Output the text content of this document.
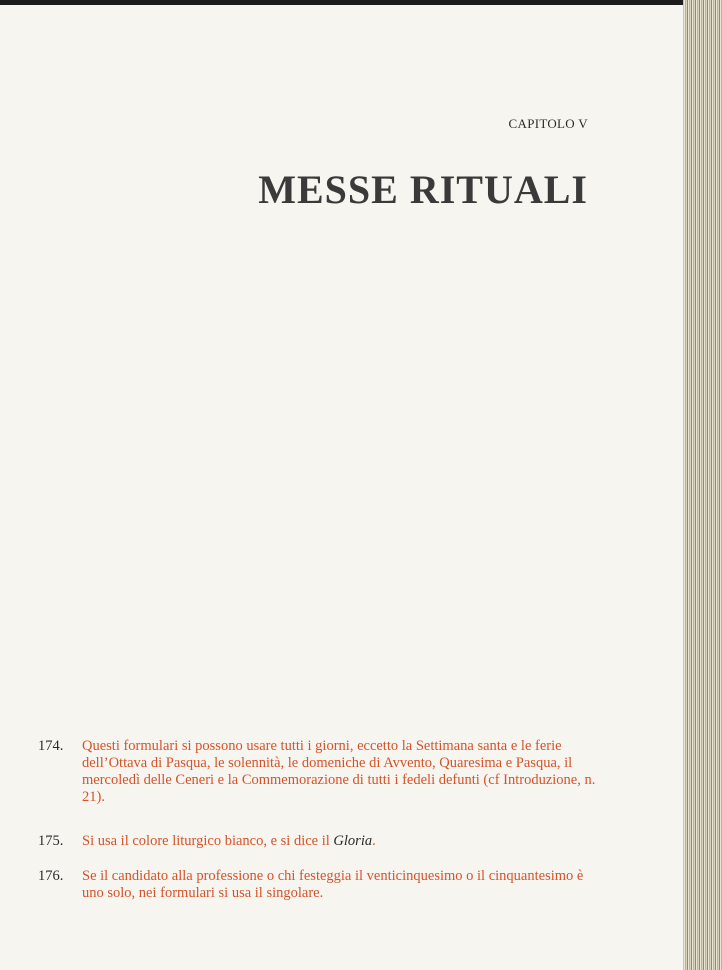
CAPITOLO V

MESSE RITUALI
174.	Questi formulari si possono usare tutti i giorni, eccetto la Settimana santa e le ferie dell’Ottava di Pasqua, le solennità, le domeniche di Avvento, Quaresima e Pasqua, il mercoledì delle Ceneri e la Commemorazione di tutti i fedeli defunti (cf Introduzione, n. 21).

175.	Si usa il colore liturgico bianco, e si dice il Gloria.

176.	Se il candidato alla professione o chi festeggia il venticinquesimo o il cinquantesimo è uno solo, nei formulari si usa il singolare.
